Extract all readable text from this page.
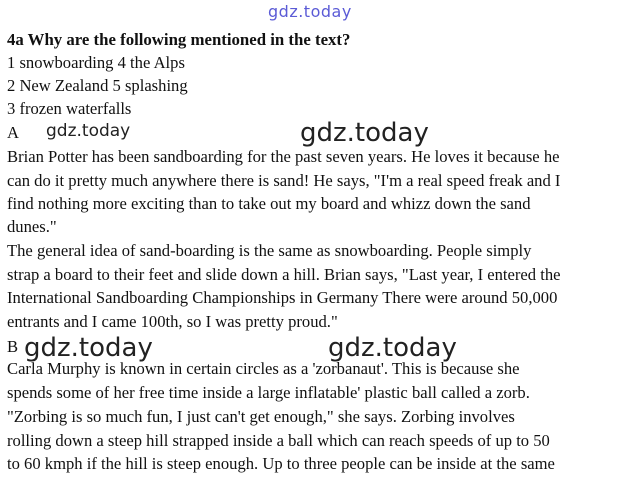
gdz.today
4a Why are the following mentioned in the text?
1 snowboarding 4 the Alps
2 New Zealand 5 splashing
3 frozen waterfalls
A gdz.today	gdz.today
Brian Potter has been sandboarding for the past seven years. He loves it because he
can do it pretty much anywhere there is sand! He says, "I'm a real speed freak and I
find nothing more exciting than to take out my board and whizz down the sand
dunes."
The general idea of sand-boarding is the same as snowboarding. People simply
strap a board to their feet and slide down a hill. Brian says, "Last year, I entered the
International Sandboarding Championships in Germany There were around 50,000
entrants and I came 100th, so I was pretty proud."
B gdz.today	gdz.today
Carla Murphy is known in certain circles as a 'zorbanaut'. This is because she
spends some of her free time inside a large inflatable' plastic ball called a zorb.
"Zorbing is so much fun, I just can't get enough," she says. Zorbing involves
rolling down a steep hill strapped inside a ball which can reach speeds of up to 50
to 60 kmph if the hill is steep enough. Up to three people can be inside at the same
